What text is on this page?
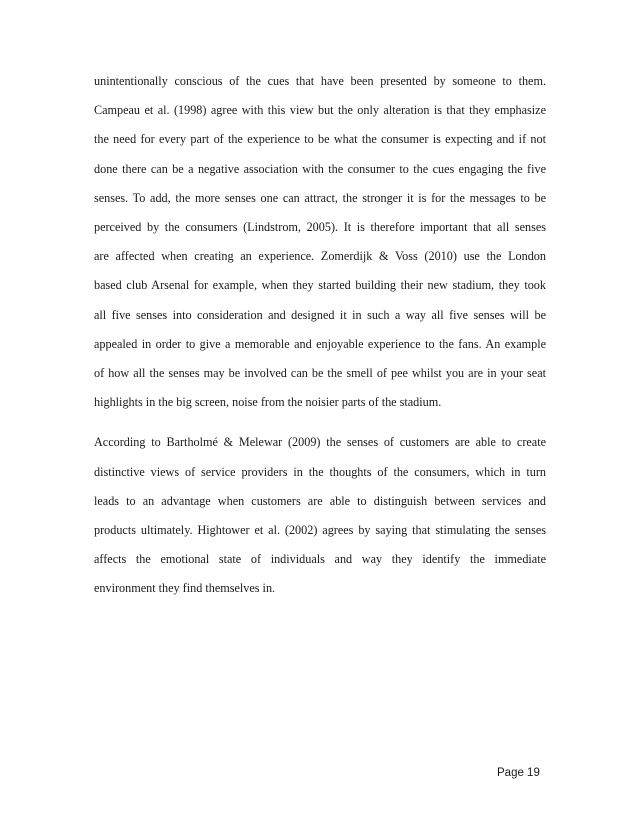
unintentionally conscious of the cues that have been presented by someone to them.
Campeau et al. (1998) agree with this view but the only alteration is that they emphasize
the need for every part of the experience to be what the consumer is expecting and if not
done there can be a negative association with the consumer to the cues engaging the five
senses. To add, the more senses one can attract, the stronger it is for the messages to be
perceived by the consumers (Lindstrom, 2005). It is therefore important that all senses
are affected when creating an experience. Zomerdijk & Voss (2010) use the London
based club Arsenal for example, when they started building their new stadium, they took
all five senses into consideration and designed it in such a way all five senses will be
appealed in order to give a memorable and enjoyable experience to the fans. An example
of how all the senses may be involved can be the smell of pee whilst you are in your seat
highlights in the big screen, noise from the noisier parts of the stadium.

According to Bartholmé & Melewar (2009) the senses of customers are able to create
distinctive views of service providers in the thoughts of the consumers, which in turn
leads to an advantage when customers are able to distinguish between services and
products ultimately. Hightower et al. (2002) agrees by saying that stimulating the senses
affects the emotional state of individuals and way they identify the immediate
environment they find themselves in.

Page 19
